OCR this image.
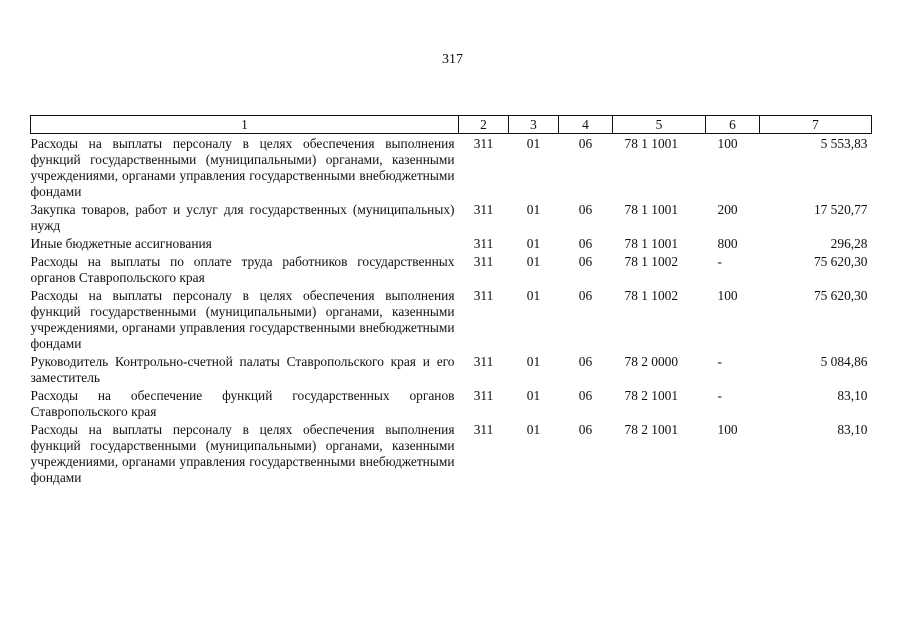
317
1	2	3	4	5	6	7
Расходы на выплаты персоналу в целях обеспечения выполнения функций государственными (муниципальными) органами, казенными учреждениями, органами управления государственными внебюджетными фондами	311	01	06	78 1 1001	100	5 553,83
Закупка товаров, работ и услуг для государственных (муниципальных) нужд	311	01	06	78 1 1001	200	17 520,77
Иные бюджетные ассигнования	311	01	06	78 1 1001	800	296,28
Расходы на выплаты по оплате труда работников государственных органов Ставропольского края	311	01	06	78 1 1002	-	75 620,30
Расходы на выплаты персоналу в целях обеспечения выполнения функций государственными (муниципальными) органами, казенными учреждениями, органами управления государственными внебюджетными фондами	311	01	06	78 1 1002	100	75 620,30
Руководитель Контрольно-счетной палаты Ставропольского края и его заместитель	311	01	06	78 2 0000	-	5 084,86
Расходы на обеспечение функций государственных органов Ставропольского края	311	01	06	78 2 1001	-	83,10
Расходы на выплаты персоналу в целях обеспечения выполнения функций государственными (муниципальными) органами, казенными учреждениями, органами управления государственными внебюджетными фондами	311	01	06	78 2 1001	100	83,10
